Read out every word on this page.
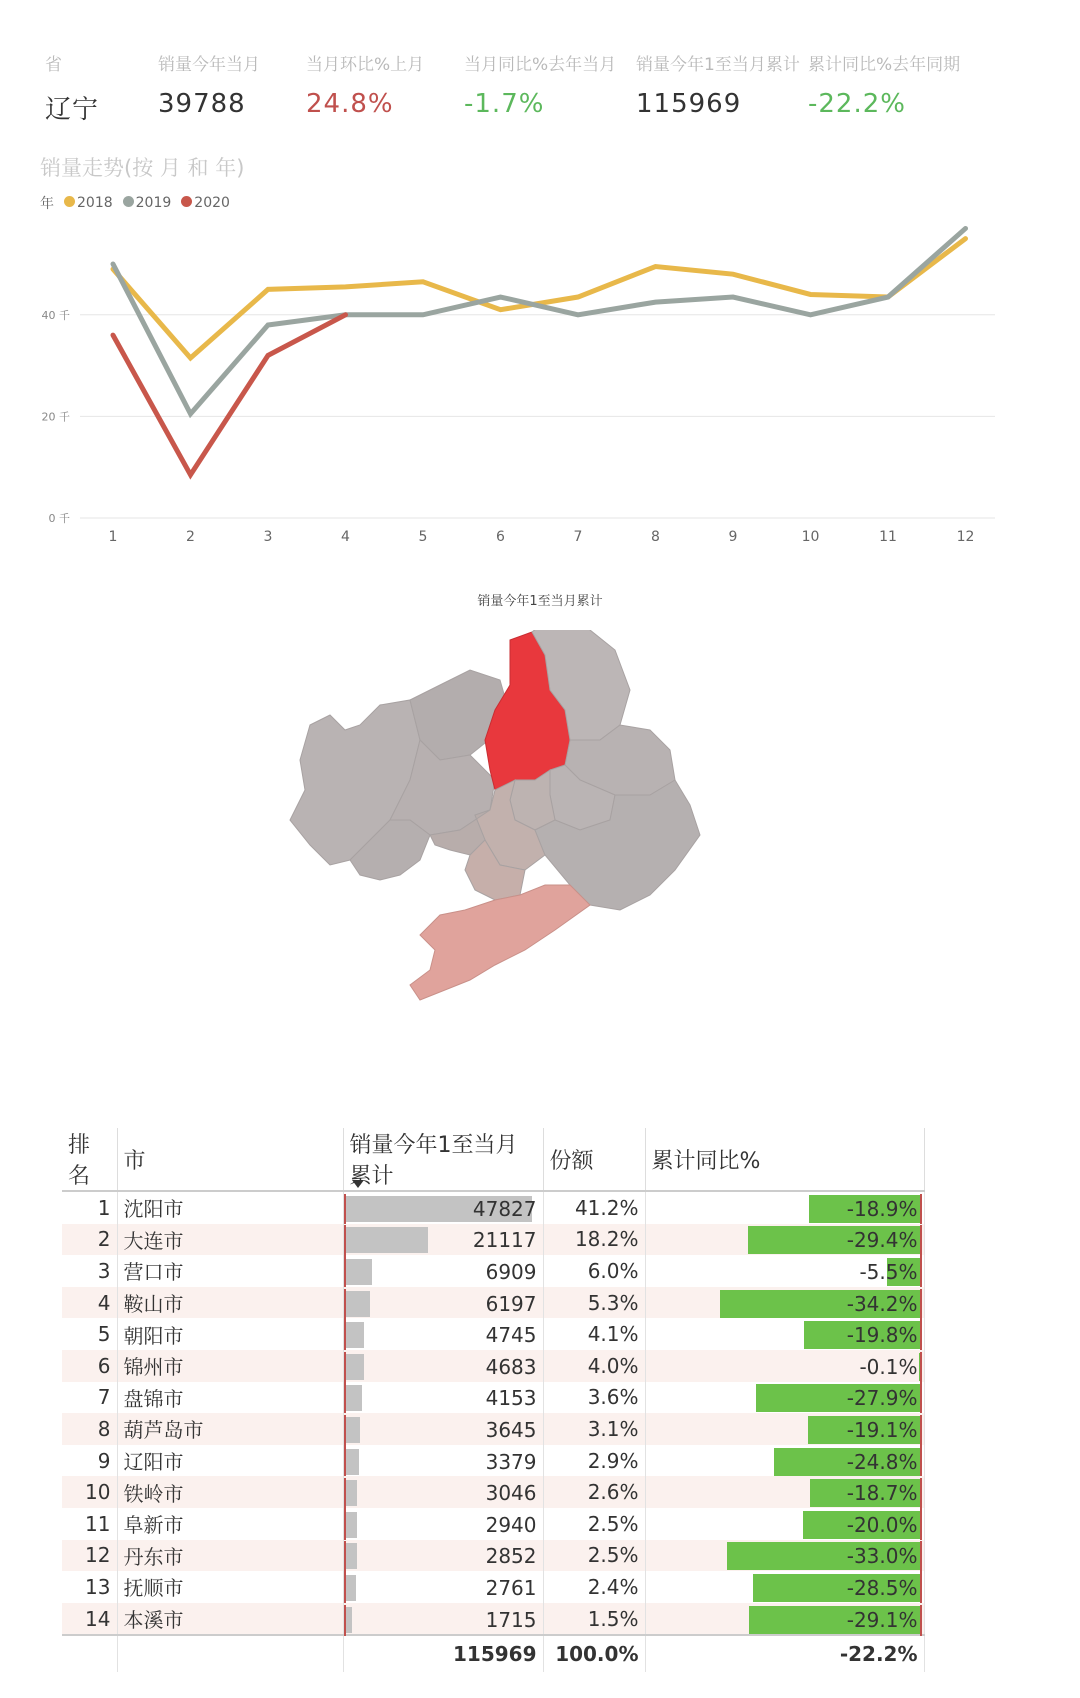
省
辽宁
销量今年当月
39788
当月环比%上月
24.8%
当月同比%去年当月
-1.7%
销量今年1至当月累计
115969
累计同比%去年同期
-22.2%
销量走势(按 月 和 年)
年	2018	2019	2020
0 千
20 千
40 千
1	2	3	4	5	6	7	8	9	10	11	12
销量今年1至当月累计
排名	市	销量今年1至当月累计	份额	累计同比%
1	沈阳市	47827	41.2%	-18.9%

2	大连市	21117	18.2%	-29.4%

3	营口市	6909	6.0%	-5.5%

4	鞍山市	6197	5.3%	-34.2%

5	朝阳市	4745	4.1%	-19.8%

6	锦州市	4683	4.0%	-0.1%

7	盘锦市	4153	3.6%	-27.9%

8	葫芦岛市	3645	3.1%	-19.1%

9	辽阳市	3379	2.9%	-24.8%

10	铁岭市	3046	2.6%	-18.7%

11	阜新市	2940	2.5%	-20.0%

12	丹东市	2852	2.5%	-33.0%

13	抚顺市	2761	2.4%	-28.5%

14	本溪市	1715	1.5%	-29.1%

		115969	100.0%	-22.2%
